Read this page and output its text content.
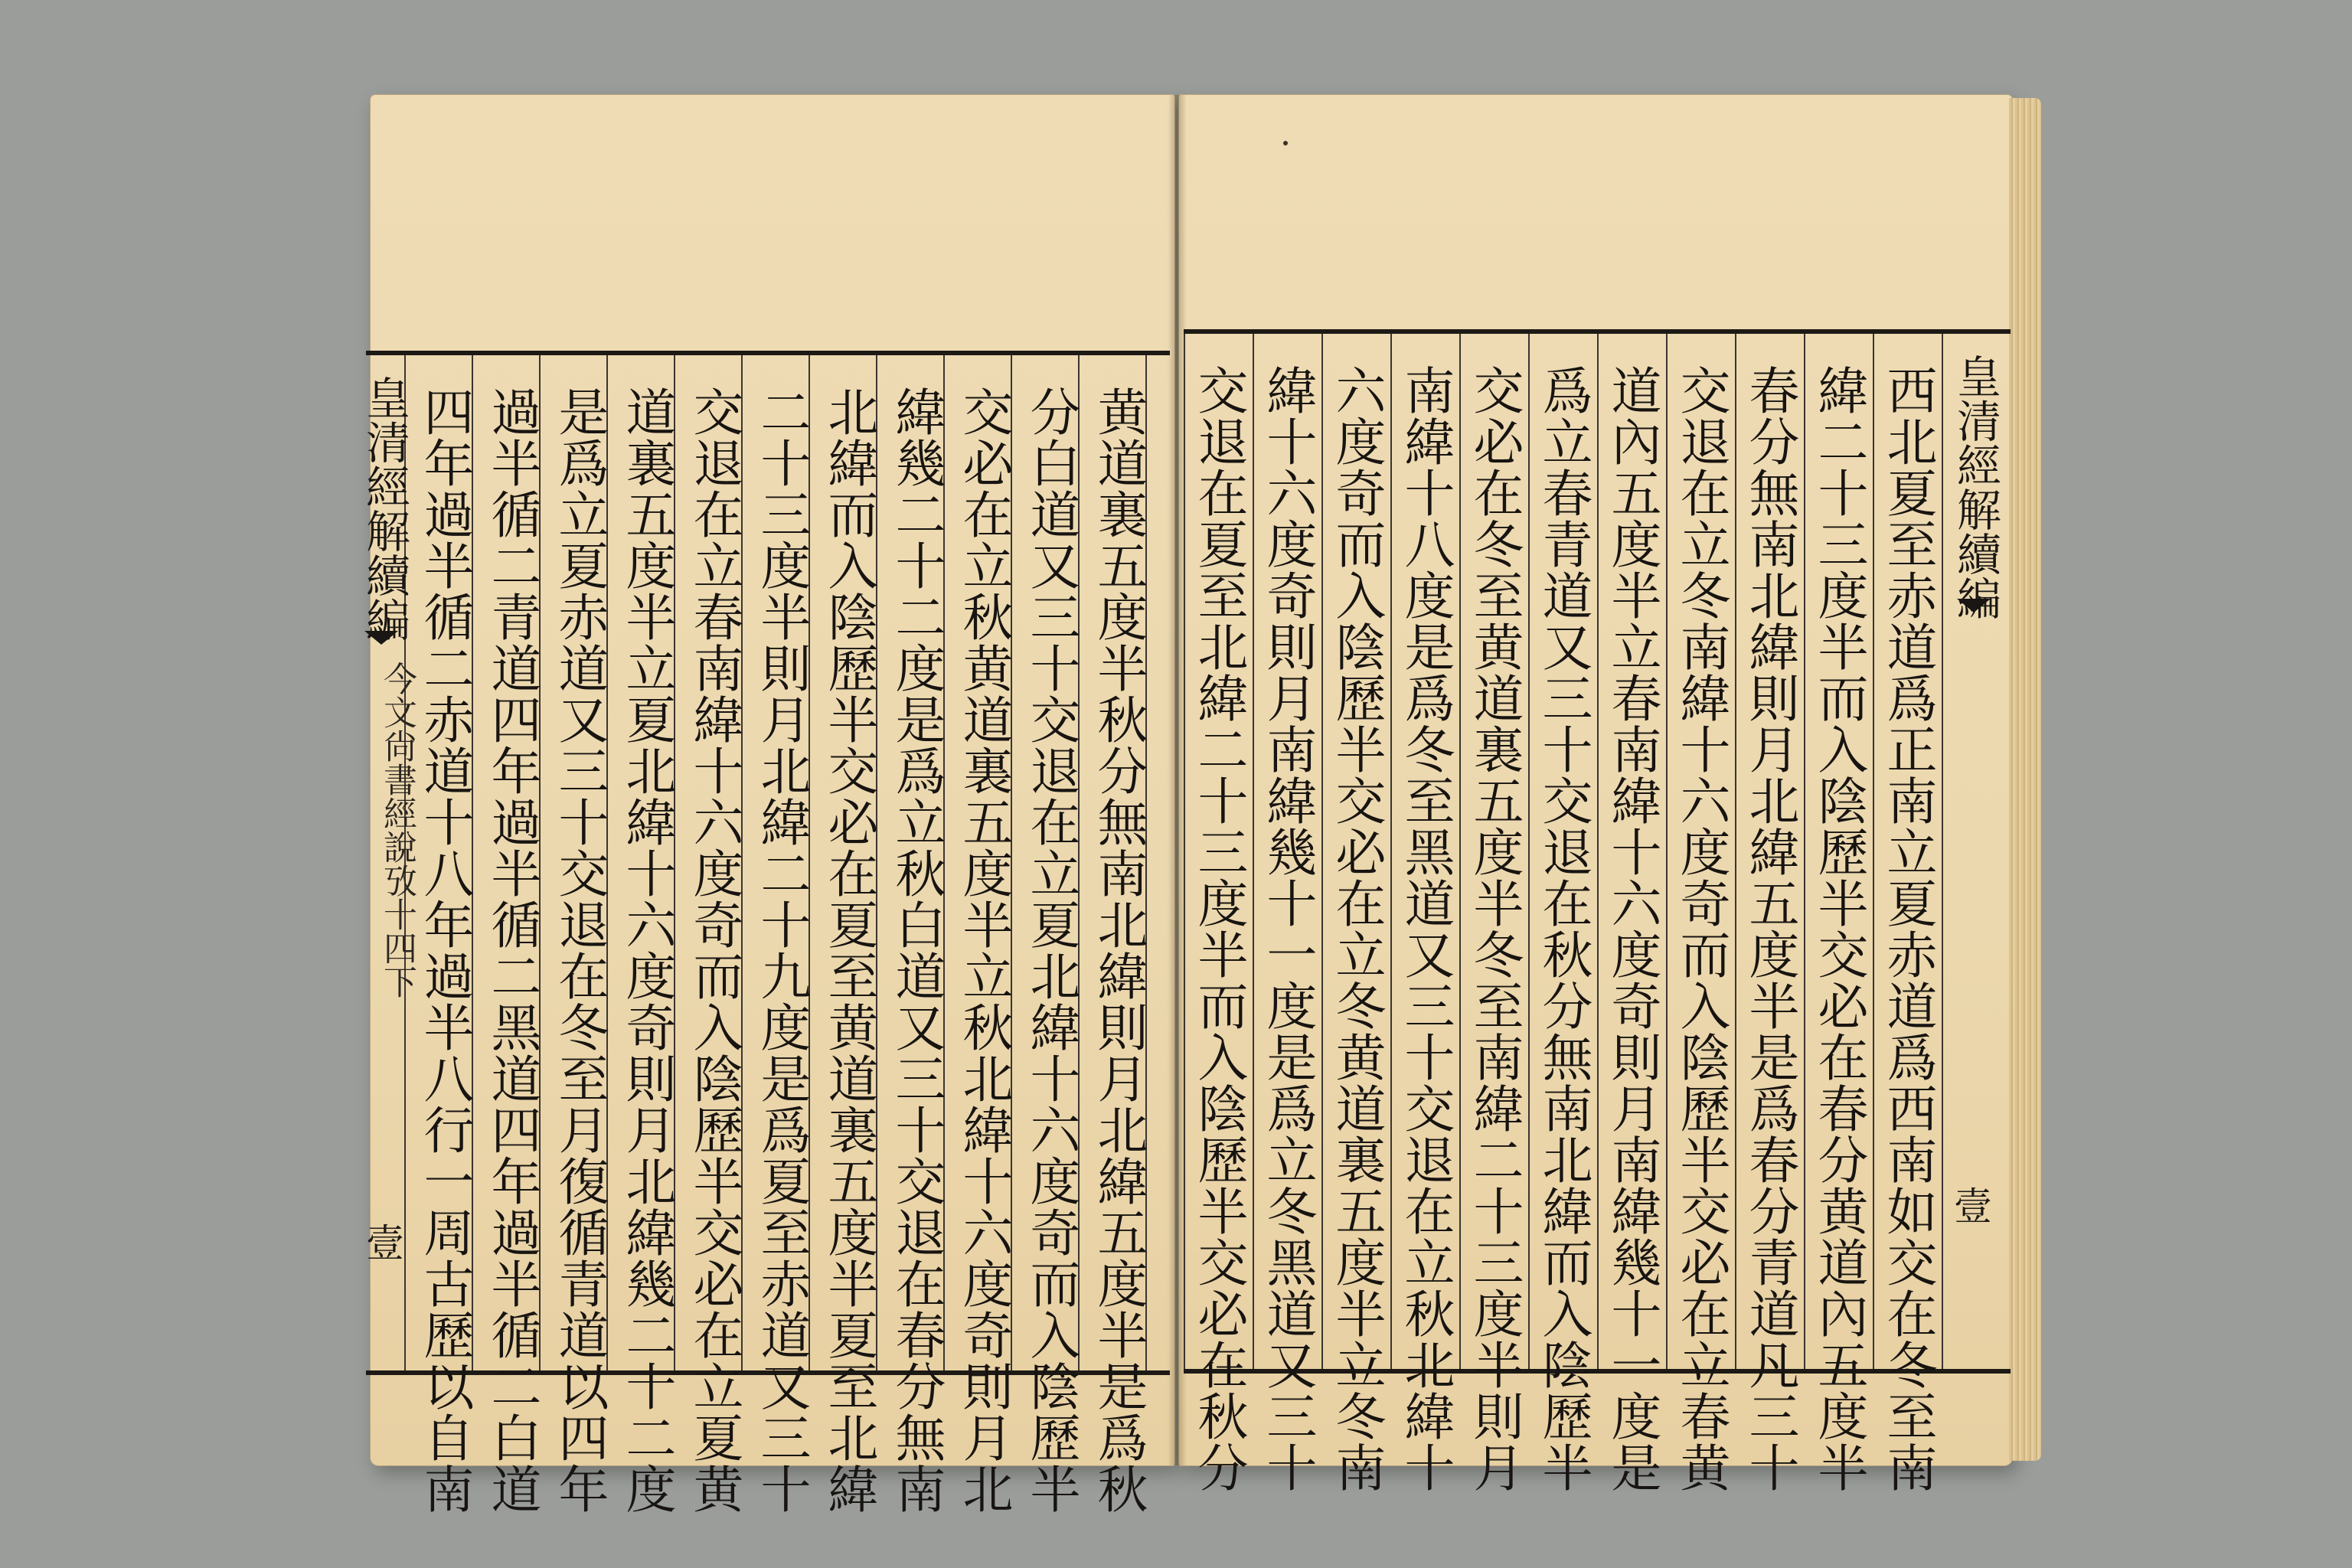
皇清經解續編
今文尙書經說攷十四下
壹	黄道裏五度半秋分無南北緯則月北緯五度半是爲秋
分白道又三十交退在立夏北緯十六度奇而入陰歷半
交必在立秋黄道裏五度半立秋北緯十六度奇則月北
緯幾二十二度是爲立秋白道又三十交退在春分無南
北緯而入陰歷半交必在夏至黄道裏五度半夏至北緯
二十三度半則月北緯二十九度是爲夏至赤道又三十
交退在立春南緯十六度奇而入陰歷半交必在立夏黄
道裏五度半立夏北緯十六度奇則月北緯幾二十二度
是爲立夏赤道又三十交退在冬至月復循青道以四年
過半循二青道四年過半循二黑道四年過半循二白道
四年過半循二赤道十八年過半八行一周古歷以自南	西北夏至赤道爲正南立夏赤道爲西南如交在冬至南
緯二十三度半而入陰歷半交必在春分黄道內五度半
春分無南北緯則月北緯五度半是爲春分青道凡三十
交退在立冬南緯十六度奇而入陰歷半交必在立春黄
道內五度半立春南緯十六度奇則月南緯幾十一度是
爲立春青道又三十交退在秋分無南北緯而入陰歷半
交必在冬至黄道裏五度半冬至南緯二十三度半則月
南緯十八度是爲冬至黑道又三十交退在立秋北緯十
六度奇而入陰歷半交必在立冬黄道裏五度半立冬南
緯十六度奇則月南緯幾十一度是爲立冬黑道又三十
交退在夏至北緯二十三度半而入陰歷半交必在秋分	皇清經解續編
壹
